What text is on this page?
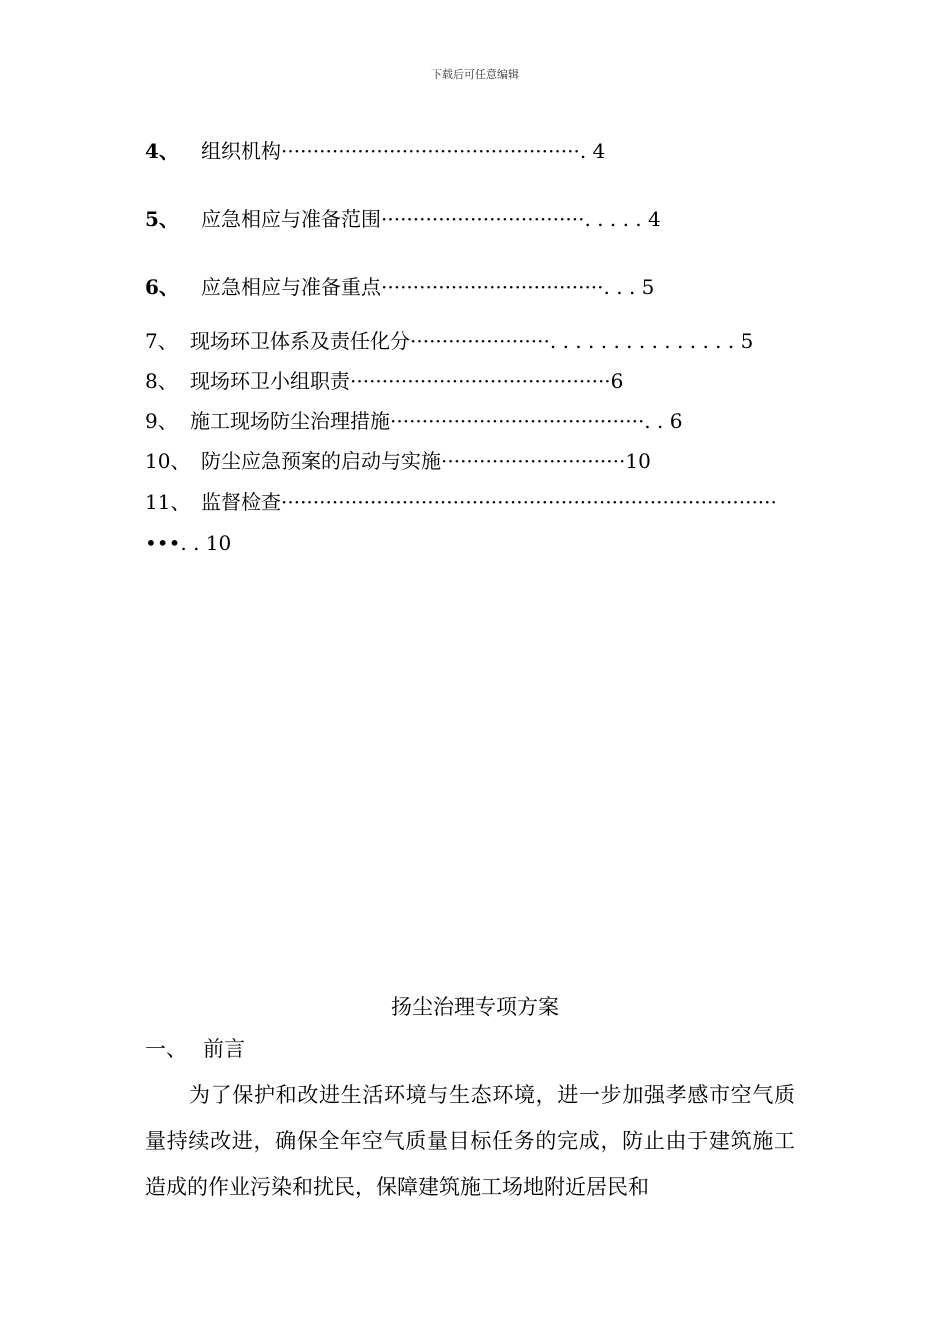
下载后可任意编辑
4、 组织机构···············································. 4
5、 应急相应与准备范围································. . . . . 4
6、 应急相应与准备重点···································. . . 5
7、 现场环卫体系及责任化分······················. . . . . . . . . . . . . . . 5
8、 现场环卫小组职责·········································6
9、 施工现场防尘治理措施········································. . 6
10、 防尘应急预案的启动与实施·····························10
11、 监督检查··············································································
•••. . 10
扬尘治理专项方案
一、 前言
为了保护和改进生活环境与生态环境，进一步加强孝感市空气质量持续改进，确保全年空气质量目标任务的完成，防止由于建筑施工造成的作业污染和扰民，保障建筑施工场地附近居民和
